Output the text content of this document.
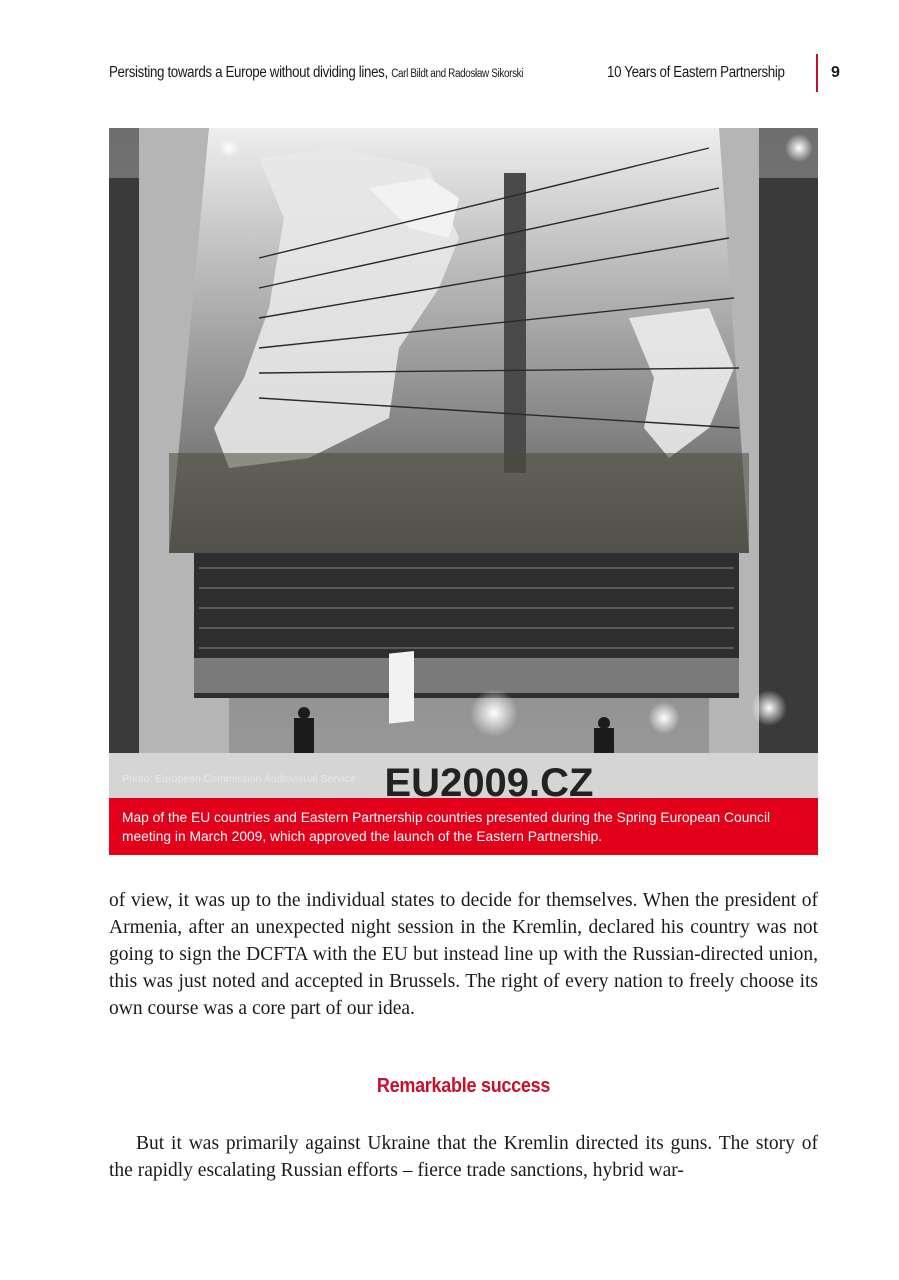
Persisting towards a Europe without dividing lines, Carl Bildt and Radosław Sikorski	10 Years of Eastern Partnership	9
EU2009.CZ
Photo: European Commission Audiovisual Service
Map of the EU countries and Eastern Partnership countries presented during the Spring European Council meeting in March 2009, which approved the launch of the Eastern Partnership.

of view, it was up to the individual states to decide for themselves. When the president of Armenia, after an unexpected night session in the Kremlin, declared his country was not going to sign the DCFTA with the EU but instead line up with the Russian-directed union, this was just noted and accepted in Brussels. The right of every nation to freely choose its own course was a core part of our idea.

Remarkable success

But it was primarily against Ukraine that the Kremlin directed its guns. The story of the rapidly escalating Russian efforts – fierce trade sanctions, hybrid war-
